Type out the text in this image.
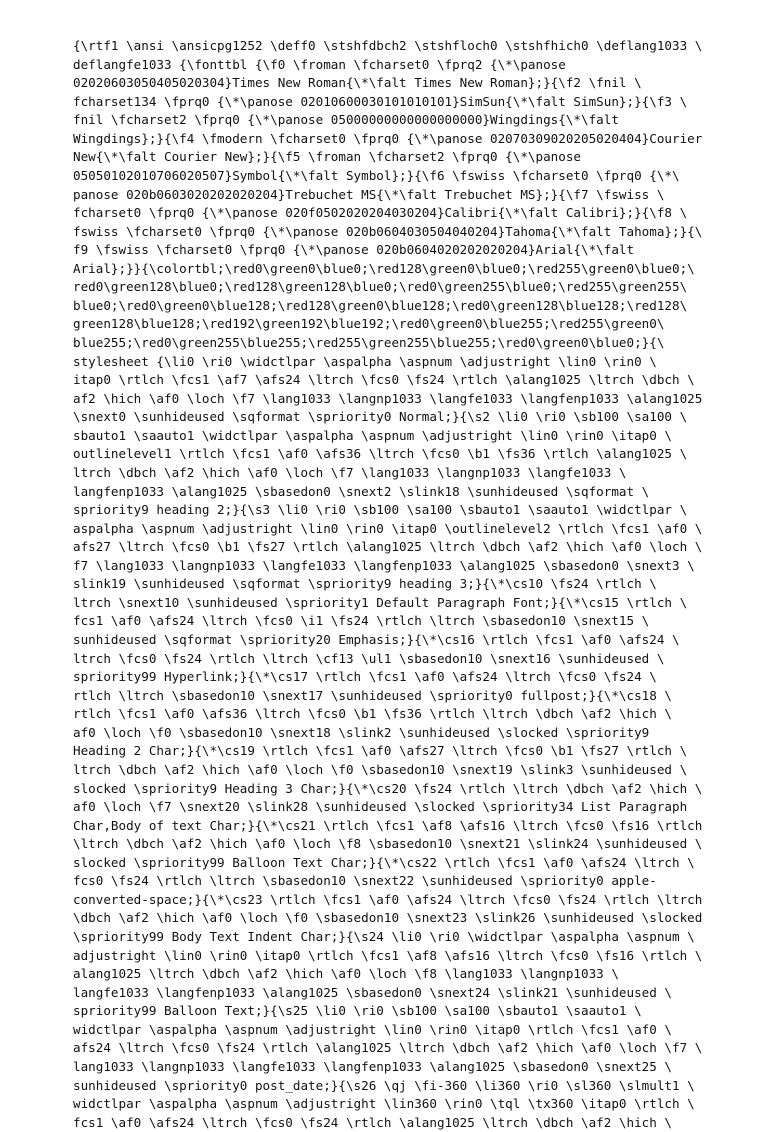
{\rtf1 \ansi \ansicpg1252 \deff0 \stshfdbch2 \stshfloch0 \stshfhich0 \deflang1033 \
deflangfe1033 {\fonttbl {\f0 \froman \fcharset0 \fprq2 {\*\panose
02020603050405020304}Times New Roman{\*\falt Times New Roman};}{\f2 \fnil \
fcharset134 \fprq0 {\*\panose 02010600030101010101}SimSun{\*\falt SimSun};}{\f3 \
fnil \fcharset2 \fprq0 {\*\panose 05000000000000000000}Wingdings{\*\falt
Wingdings};}{\f4 \fmodern \fcharset0 \fprq0 {\*\panose 02070309020205020404}Courier
New{\*\falt Courier New};}{\f5 \froman \fcharset2 \fprq0 {\*\panose
05050102010706020507}Symbol{\*\falt Symbol};}{\f6 \fswiss \fcharset0 \fprq0 {\*\
panose 020b0603020202020204}Trebuchet MS{\*\falt Trebuchet MS};}{\f7 \fswiss \
fcharset0 \fprq0 {\*\panose 020f0502020204030204}Calibri{\*\falt Calibri};}{\f8 \
fswiss \fcharset0 \fprq0 {\*\panose 020b0604030504040204}Tahoma{\*\falt Tahoma};}{\
f9 \fswiss \fcharset0 \fprq0 {\*\panose 020b0604020202020204}Arial{\*\falt
Arial};}}{\colortbl;\red0\green0\blue0;\red128\green0\blue0;\red255\green0\blue0;\
red0\green128\blue0;\red128\green128\blue0;\red0\green255\blue0;\red255\green255\
blue0;\red0\green0\blue128;\red128\green0\blue128;\red0\green128\blue128;\red128\
green128\blue128;\red192\green192\blue192;\red0\green0\blue255;\red255\green0\
blue255;\red0\green255\blue255;\red255\green255\blue255;\red0\green0\blue0;}{\
stylesheet {\li0 \ri0 \widctlpar \aspalpha \aspnum \adjustright \lin0 \rin0 \
itap0 \rtlch \fcs1 \af7 \afs24 \ltrch \fcs0 \fs24 \rtlch \alang1025 \ltrch \dbch \
af2 \hich \af0 \loch \f7 \lang1033 \langnp1033 \langfe1033 \langfenp1033 \alang1025
\snext0 \sunhideused \sqformat \spriority0 Normal;}{\s2 \li0 \ri0 \sb100 \sa100 \
sbauto1 \saauto1 \widctlpar \aspalpha \aspnum \adjustright \lin0 \rin0 \itap0 \
outlinelevel1 \rtlch \fcs1 \af0 \afs36 \ltrch \fcs0 \b1 \fs36 \rtlch \alang1025 \
ltrch \dbch \af2 \hich \af0 \loch \f7 \lang1033 \langnp1033 \langfe1033 \
langfenp1033 \alang1025 \sbasedon0 \snext2 \slink18 \sunhideused \sqformat \
spriority9 heading 2;}{\s3 \li0 \ri0 \sb100 \sa100 \sbauto1 \saauto1 \widctlpar \
aspalpha \aspnum \adjustright \lin0 \rin0 \itap0 \outlinelevel2 \rtlch \fcs1 \af0 \
afs27 \ltrch \fcs0 \b1 \fs27 \rtlch \alang1025 \ltrch \dbch \af2 \hich \af0 \loch \
f7 \lang1033 \langnp1033 \langfe1033 \langfenp1033 \alang1025 \sbasedon0 \snext3 \
slink19 \sunhideused \sqformat \spriority9 heading 3;}{\*\cs10 \fs24 \rtlch \
ltrch \snext10 \sunhideused \spriority1 Default Paragraph Font;}{\*\cs15 \rtlch \
fcs1 \af0 \afs24 \ltrch \fcs0 \i1 \fs24 \rtlch \ltrch \sbasedon10 \snext15 \
sunhideused \sqformat \spriority20 Emphasis;}{\*\cs16 \rtlch \fcs1 \af0 \afs24 \
ltrch \fcs0 \fs24 \rtlch \ltrch \cf13 \ul1 \sbasedon10 \snext16 \sunhideused \
spriority99 Hyperlink;}{\*\cs17 \rtlch \fcs1 \af0 \afs24 \ltrch \fcs0 \fs24 \
rtlch \ltrch \sbasedon10 \snext17 \sunhideused \spriority0 fullpost;}{\*\cs18 \
rtlch \fcs1 \af0 \afs36 \ltrch \fcs0 \b1 \fs36 \rtlch \ltrch \dbch \af2 \hich \
af0 \loch \f0 \sbasedon10 \snext18 \slink2 \sunhideused \slocked \spriority9
Heading 2 Char;}{\*\cs19 \rtlch \fcs1 \af0 \afs27 \ltrch \fcs0 \b1 \fs27 \rtlch \
ltrch \dbch \af2 \hich \af0 \loch \f0 \sbasedon10 \snext19 \slink3 \sunhideused \
slocked \spriority9 Heading 3 Char;}{\*\cs20 \fs24 \rtlch \ltrch \dbch \af2 \hich \
af0 \loch \f7 \snext20 \slink28 \sunhideused \slocked \spriority34 List Paragraph
Char,Body of text Char;}{\*\cs21 \rtlch \fcs1 \af8 \afs16 \ltrch \fcs0 \fs16 \rtlch
\ltrch \dbch \af2 \hich \af0 \loch \f8 \sbasedon10 \snext21 \slink24 \sunhideused \
slocked \spriority99 Balloon Text Char;}{\*\cs22 \rtlch \fcs1 \af0 \afs24 \ltrch \
fcs0 \fs24 \rtlch \ltrch \sbasedon10 \snext22 \sunhideused \spriority0 apple-
converted-space;}{\*\cs23 \rtlch \fcs1 \af0 \afs24 \ltrch \fcs0 \fs24 \rtlch \ltrch
\dbch \af2 \hich \af0 \loch \f0 \sbasedon10 \snext23 \slink26 \sunhideused \slocked
\spriority99 Body Text Indent Char;}{\s24 \li0 \ri0 \widctlpar \aspalpha \aspnum \
adjustright \lin0 \rin0 \itap0 \rtlch \fcs1 \af8 \afs16 \ltrch \fcs0 \fs16 \rtlch \
alang1025 \ltrch \dbch \af2 \hich \af0 \loch \f8 \lang1033 \langnp1033 \
langfe1033 \langfenp1033 \alang1025 \sbasedon0 \snext24 \slink21 \sunhideused \
spriority99 Balloon Text;}{\s25 \li0 \ri0 \sb100 \sa100 \sbauto1 \saauto1 \
widctlpar \aspalpha \aspnum \adjustright \lin0 \rin0 \itap0 \rtlch \fcs1 \af0 \
afs24 \ltrch \fcs0 \fs24 \rtlch \alang1025 \ltrch \dbch \af2 \hich \af0 \loch \f7 \
lang1033 \langnp1033 \langfe1033 \langfenp1033 \alang1025 \sbasedon0 \snext25 \
sunhideused \spriority0 post_date;}{\s26 \qj \fi-360 \li360 \ri0 \sl360 \slmult1 \
widctlpar \aspalpha \aspnum \adjustright \lin360 \rin0 \tql \tx360 \itap0 \rtlch \
fcs1 \af0 \afs24 \ltrch \fcs0 \fs24 \rtlch \alang1025 \ltrch \dbch \af2 \hich \
